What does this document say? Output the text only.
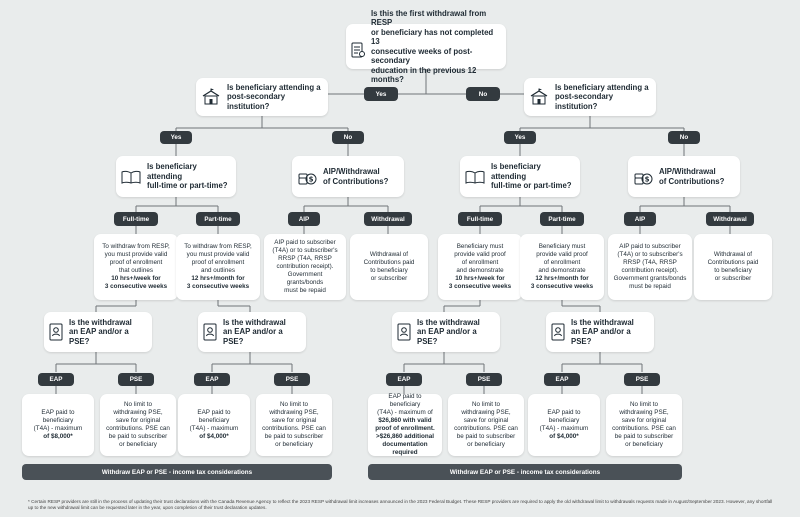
Is this the first withdrawal from RESP
or beneficiary has not completed 13
consecutive weeks of post-secondary
education in the previous 12 months?
Is beneficiary attending a
post-secondary institution?
Yes	No
Is beneficiary attending a
post-secondary institution?
Yes	No	Yes	No
Is beneficiary attending
full-time or part-time?
$
AIP/Withdrawal
of Contributions?
Is beneficiary attending
full-time or part-time?
$
AIP/Withdrawal
of Contributions?
Full-time	Part-time	AIP	Withdrawal	Full-time	Part-time	AIP	Withdrawal
To withdraw from RESP,
you must provide valid
proof of enrollment
that outlines
10 hrs+/week for
3 consecutive weeks
To withdraw from RESP,
you must provide valid
proof of enrollment
and outlines
12 hrs+/month for
3 consecutive weeks
AIP paid to subscriber
(T4A) or to subscriber's
RRSP (T4A, RRSP
contribution receipt).
Government grants/bonds
must be repaid
Withdrawal of
Contributions paid
to beneficiary
or subscriber
Beneficiary must
provide valid proof
of enrollment
and demonstrate
10 hrs+/week for
3 consecutive weeks
Beneficiary must
provide valid proof
of enrollment
and demonstrate
12 hrs+/month for
3 consecutive weeks
AIP paid to subscriber
(T4A) or to subscriber's
RRSP (T4A, RRSP
contribution receipt).
Government grants/bonds
must be repaid
Withdrawal of
Contributions paid
to beneficiary
or subscriber
Is the withdrawal
an EAP and/or a PSE?
Is the withdrawal
an EAP and/or a PSE?
Is the withdrawal
an EAP and/or a PSE?
Is the withdrawal
an EAP and/or a PSE?
EAP	PSE	EAP	PSE	EAP	PSE	EAP	PSE
EAP paid to
beneficiary
(T4A) - maximum
of $8,000*
No limit to
withdrawing PSE,
save for original
contributions. PSE can
be paid to subscriber
or beneficiary
EAP paid to
beneficiary
(T4A) - maximum
of $4,000*
No limit to
withdrawing PSE,
save for original
contributions. PSE can
be paid to subscriber
or beneficiary
EAP paid to beneficiary
(T4A) - maximum of
$26,860 with valid
proof of enrollment.
>$26,860 additional
documentation
required
No limit to
withdrawing PSE,
save for original
contributions. PSE can
be paid to subscriber
or beneficiary
EAP paid to
beneficiary
(T4A) - maximum
of $4,000*
No limit to
withdrawing PSE,
save for original
contributions. PSE can
be paid to subscriber
or beneficiary
Withdraw EAP or PSE - income tax considerations	Withdraw EAP or PSE - income tax considerations
* Certain RESP providers are still in the process of updating their trust declarations with the Canada Revenue Agency to reflect the 2023 RESP withdrawal limit increases announced in the 2023 Federal Budget. These RESP providers are required to apply the old withdrawal limit to withdrawals requests made in August/September 2023. However, any shortfall up to the new withdrawal limit can be requested later in the year, upon completion of their trust declaration updates.
